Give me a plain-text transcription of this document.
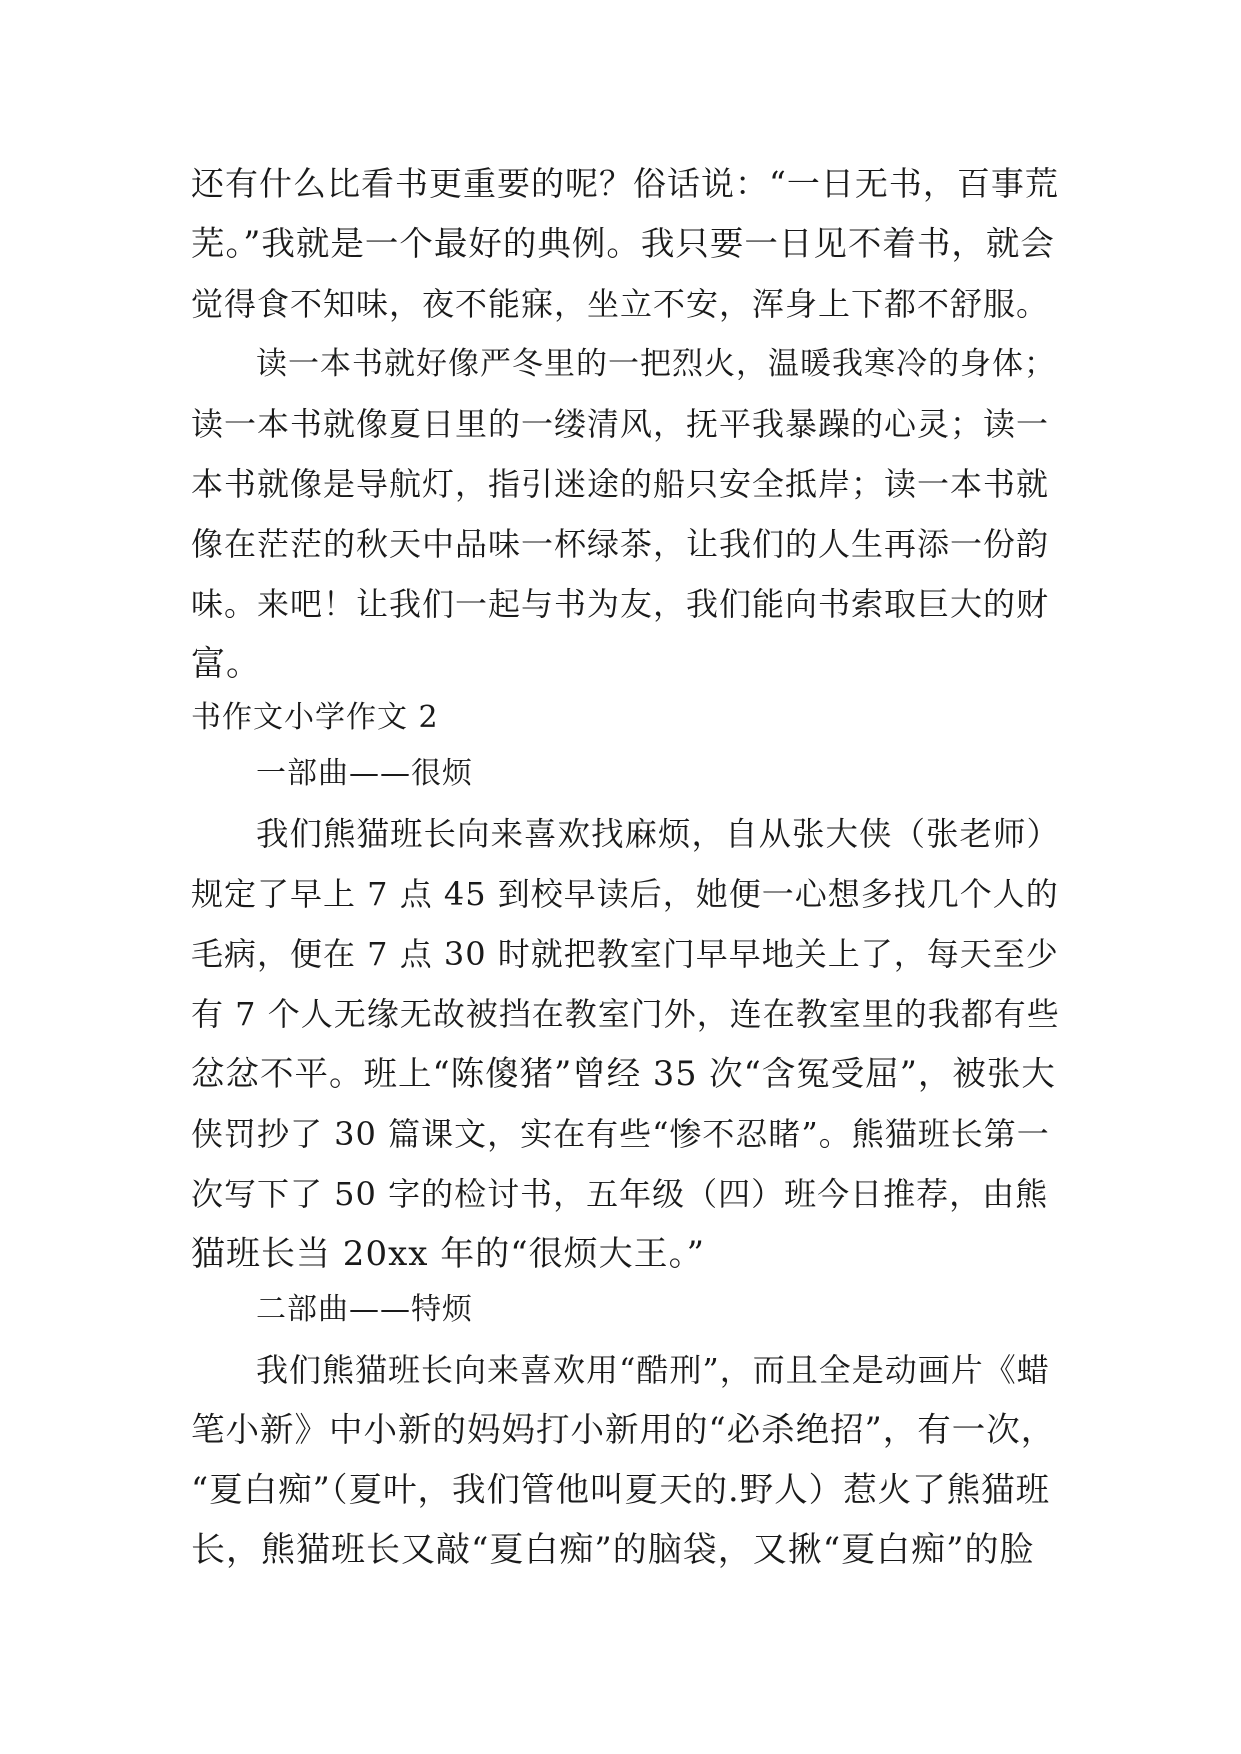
还有什么比看书更重要的呢？俗话说：“一日无书，百事荒
芜。”我就是一个最好的典例。我只要一日见不着书，就会
觉得食不知味，夜不能寐，坐立不安，浑身上下都不舒服。
读一本书就好像严冬里的一把烈火，温暖我寒冷的身体；
读一本书就像夏日里的一缕清风，抚平我暴躁的心灵；读一
本书就像是导航灯，指引迷途的船只安全抵岸；读一本书就
像在茫茫的秋天中品味一杯绿茶，让我们的人生再添一份韵
味。来吧！让我们一起与书为友，我们能向书索取巨大的财
富。
书作文小学作文 2
一部曲——很烦
我们熊猫班长向来喜欢找麻烦，自从张大侠（张老师）
规定了早上 7 点 45 到校早读后，她便一心想多找几个人的
毛病，便在 7 点 30 时就把教室门早早地关上了，每天至少
有 7 个人无缘无故被挡在教室门外，连在教室里的我都有些
忿忿不平。班上“陈傻猪”曾经 35 次“含冤受屈”，被张大
侠罚抄了 30 篇课文，实在有些“惨不忍睹”。熊猫班长第一
次写下了 50 字的检讨书，五年级（四）班今日推荐，由熊
猫班长当 20xx 年的“很烦大王。”
二部曲——特烦
我们熊猫班长向来喜欢用“酷刑”，而且全是动画片《蜡
笔小新》中小新的妈妈打小新用的“必杀绝招”，有一次，
“夏白痴”（夏叶，我们管他叫夏天的.野人）惹火了熊猫班
长，熊猫班长又敲“夏白痴”的脑袋，又揪“夏白痴”的脸
